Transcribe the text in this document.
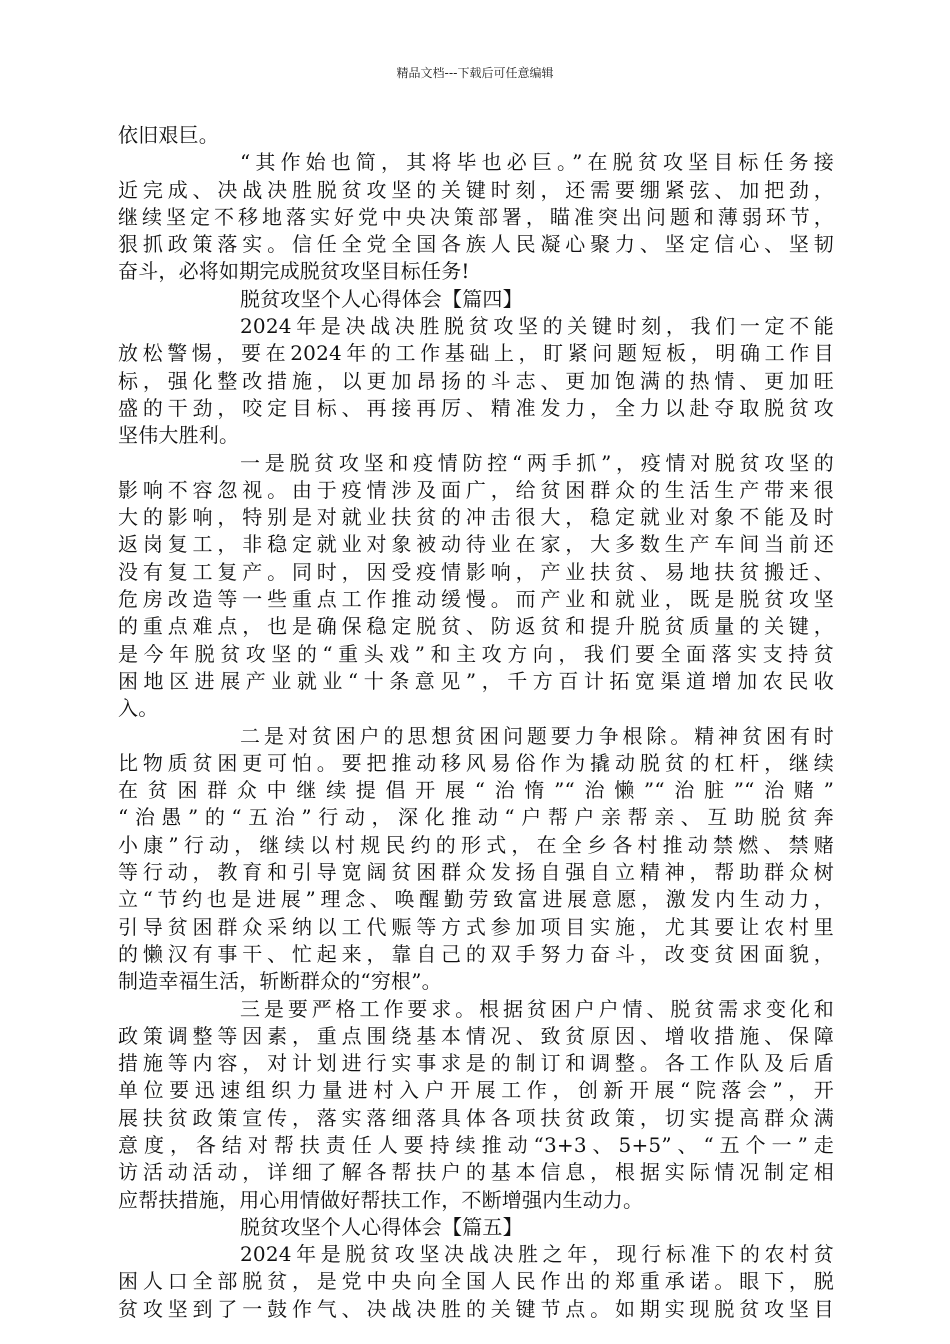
精品文档---下载后可任意编辑
依旧艰巨。
“其作始也简，其将毕也必巨。”在脱贫攻坚目标任务接
近完成、决战决胜脱贫攻坚的关键时刻，还需要绷紧弦、加把劲，
继续坚定不移地落实好党中央决策部署，瞄准突出问题和薄弱环节，
狠抓政策落实。信任全党全国各族人民凝心聚力、坚定信心、坚韧
奋斗，必将如期完成脱贫攻坚目标任务!
脱贫攻坚个人心得体会【篇四】
2024年是决战决胜脱贫攻坚的关键时刻，我们一定不能
放松警惕，要在2024年的工作基础上，盯紧问题短板，明确工作目
标，强化整改措施，以更加昂扬的斗志、更加饱满的热情、更加旺
盛的干劲，咬定目标、再接再厉、精准发力，全力以赴夺取脱贫攻
坚伟大胜利。
一是脱贫攻坚和疫情防控“两手抓”，疫情对脱贫攻坚的
影响不容忽视。由于疫情涉及面广，给贫困群众的生活生产带来很
大的影响，特别是对就业扶贫的冲击很大，稳定就业对象不能及时
返岗复工，非稳定就业对象被动待业在家，大多数生产车间当前还
没有复工复产。同时，因受疫情影响，产业扶贫、易地扶贫搬迁、
危房改造等一些重点工作推动缓慢。而产业和就业，既是脱贫攻坚
的重点难点，也是确保稳定脱贫、防返贫和提升脱贫质量的关键，
是今年脱贫攻坚的“重头戏”和主攻方向，我们要全面落实支持贫
困地区进展产业就业“十条意见”，千方百计拓宽渠道增加农民收
入。
二是对贫困户的思想贫困问题要力争根除。精神贫困有时
比物质贫困更可怕。要把推动移风易俗作为撬动脱贫的杠杆，继续
在贫困群众中继续提倡开展“治惰”“治懒”“治脏”“治赌”
“治愚”的“五治”行动，深化推动“户帮户亲帮亲、互助脱贫奔
小康”行动，继续以村规民约的形式，在全乡各村推动禁燃、禁赌
等行动，教育和引导宽阔贫困群众发扬自强自立精神，帮助群众树
立“节约也是进展”理念、唤醒勤劳致富进展意愿，激发内生动力，
引导贫困群众采纳以工代赈等方式参加项目实施，尤其要让农村里
的懒汉有事干、忙起来，靠自己的双手努力奋斗，改变贫困面貌，
制造幸福生活，斩断群众的“穷根”。
三是要严格工作要求。根据贫困户户情、脱贫需求变化和
政策调整等因素，重点围绕基本情况、致贫原因、增收措施、保障
措施等内容，对计划进行实事求是的制订和调整。各工作队及后盾
单位要迅速组织力量进村入户开展工作，创新开展“院落会”，开
展扶贫政策宣传，落实落细落具体各项扶贫政策，切实提高群众满
意度，各结对帮扶责任人要持续推动“3+3、5+5”、“五个一”走
访活动活动，详细了解各帮扶户的基本信息，根据实际情况制定相
应帮扶措施，用心用情做好帮扶工作，不断增强内生动力。
脱贫攻坚个人心得体会【篇五】
2024年是脱贫攻坚决战决胜之年，现行标准下的农村贫
困人口全部脱贫，是党中央向全国人民作出的郑重承诺。眼下，脱
贫攻坚到了一鼓作气、决战决胜的关键节点。如期实现脱贫攻坚目
